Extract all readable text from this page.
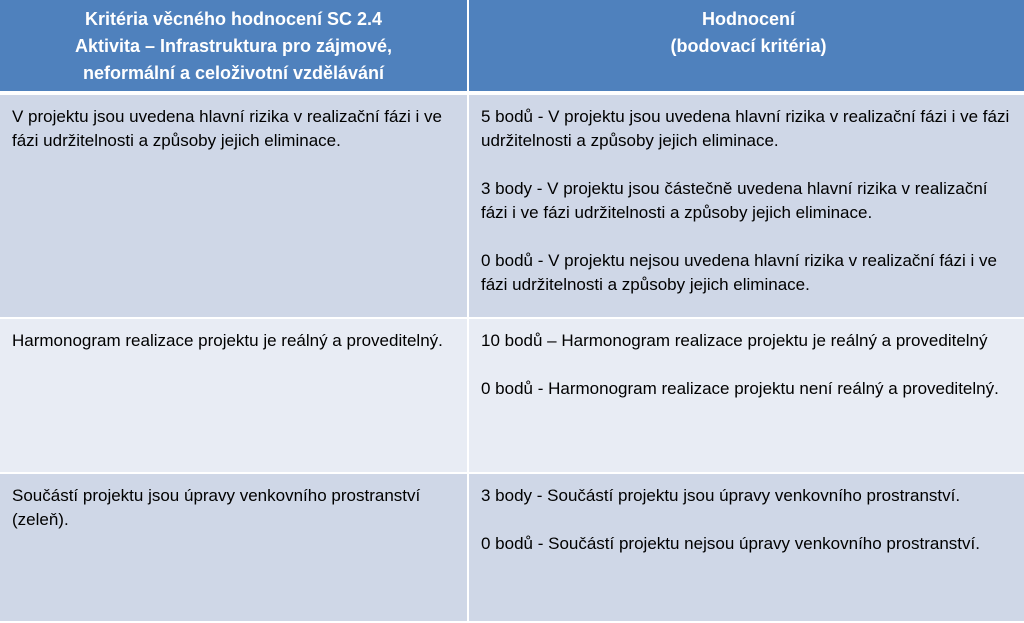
Kritéria věcného hodnocení SC 2.4
Aktivita – Infrastruktura pro zájmové,
neformální a celoživotní vzdělávání
Hodnocení
(bodovací kritéria)
V projektu jsou uvedena hlavní rizika v realizační fázi i ve fázi udržitelnosti a způsoby jejich eliminace.
5 bodů - V projektu jsou uvedena hlavní rizika v realizační fázi i ve fázi udržitelnosti a způsoby jejich eliminace.
3 body - V projektu jsou částečně uvedena hlavní rizika v realizační fázi i ve fázi udržitelnosti a způsoby jejich eliminace.
0 bodů - V projektu nejsou uvedena hlavní rizika v realizační fázi i ve fázi udržitelnosti a způsoby jejich eliminace.
Harmonogram realizace projektu je reálný a proveditelný.	10 bodů – Harmonogram realizace projektu je reálný a proveditelný
0 bodů - Harmonogram realizace projektu není reálný a proveditelný.
Součástí projektu jsou úpravy venkovního prostranství (zeleň).
3 body - Součástí projektu jsou úpravy venkovního prostranství.
0 bodů - Součástí projektu nejsou úpravy venkovního prostranství.
